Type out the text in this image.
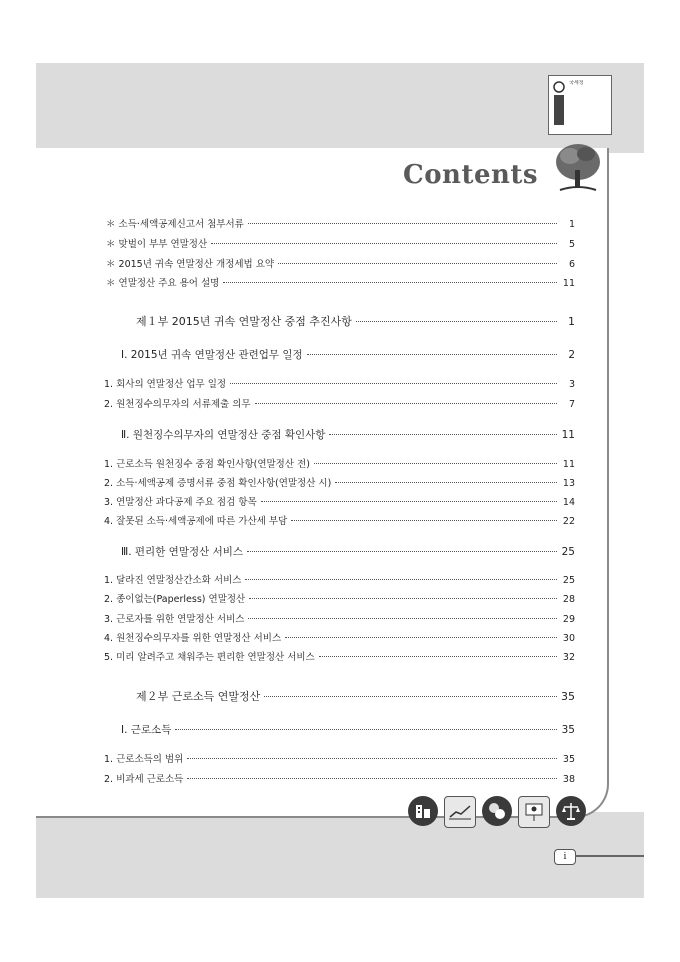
국세청
Contents
＊ 소득·세액공제신고서 첨부서류	1
＊ 맞벌이 부부 연말정산	5
＊ 2015년 귀속 연말정산 개정세법 요약	6
＊ 연말정산 주요 용어 설명	11
제１부 2015년 귀속 연말정산 중점 추진사항	1
Ⅰ. 2015년 귀속 연말정산 관련업무 일정	2
1. 회사의 연말정산 업무 일정	3
2. 원천징수의무자의 서류제출 의무	7
Ⅱ. 원천징수의무자의 연말정산 중점 확인사항	11
1. 근로소득 원천징수 중점 확인사항(연말정산 전)	11
2. 소득·세액공제 증명서류 중점 확인사항(연말정산 시)	13
3. 연말정산 과다공제 주요 점검 항목	14
4. 잘못된 소득·세액공제에 따른 가산세 부담	22
Ⅲ. 편리한 연말정산 서비스	25
1. 달라진 연말정산간소화 서비스	25
2. 종이없는(Paperless) 연말정산	28
3. 근로자를 위한 연말정산 서비스	29
4. 원천징수의무자를 위한 연말정산 서비스	30
5. 미리 알려주고 채워주는 편리한 연말정산 서비스	32
제２부 근로소득 연말정산	35
Ⅰ. 근로소득	35
1. 근로소득의 범위	35
2. 비과세 근로소득	38
i
